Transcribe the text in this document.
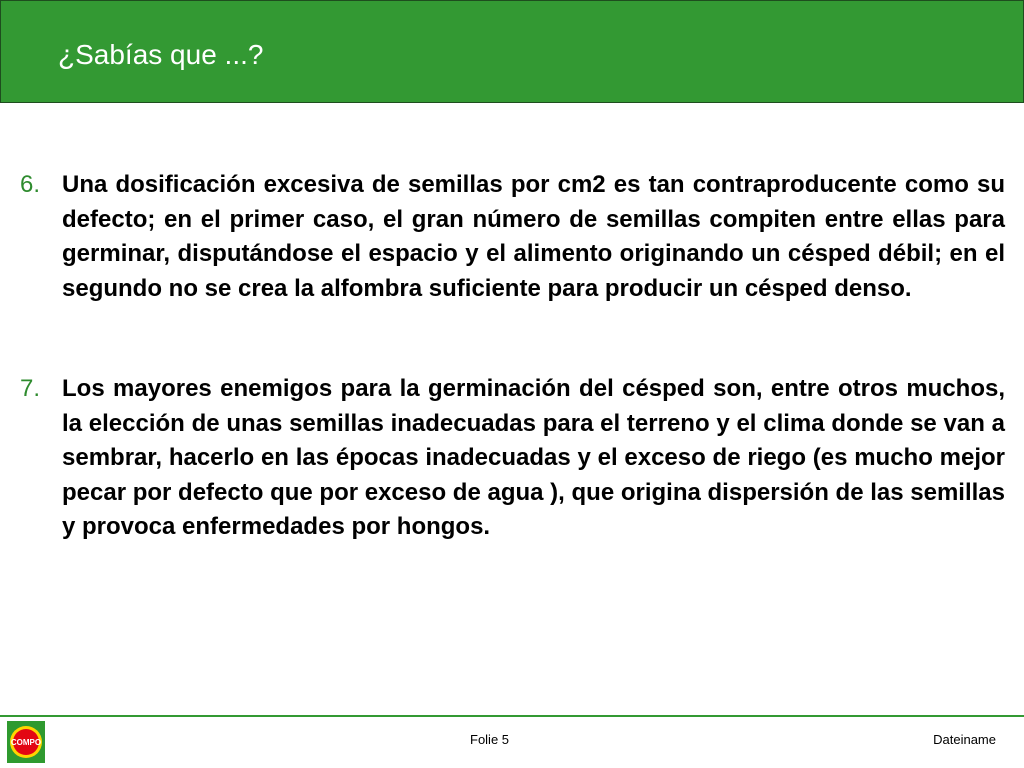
¿Sabías que ...?
6. Una dosificación excesiva de semillas por cm2 es tan contraproducente como su defecto; en el primer caso, el gran número de semillas compiten entre ellas para germinar, disputándose el espacio y el alimento originando un césped débil; en el segundo no se crea la alfombra suficiente para producir un césped denso.

7. Los mayores enemigos para la germinación del césped son, entre otros muchos, la elección de unas semillas inadecuadas para el terreno y el clima donde se van a sembrar, hacerlo en las épocas inadecuadas y el exceso de riego (es mucho mejor pecar por defecto que por exceso de agua ), que origina dispersión de las semillas y provoca enfermedades por hongos.

COMPO	Folie 5	Dateiname
